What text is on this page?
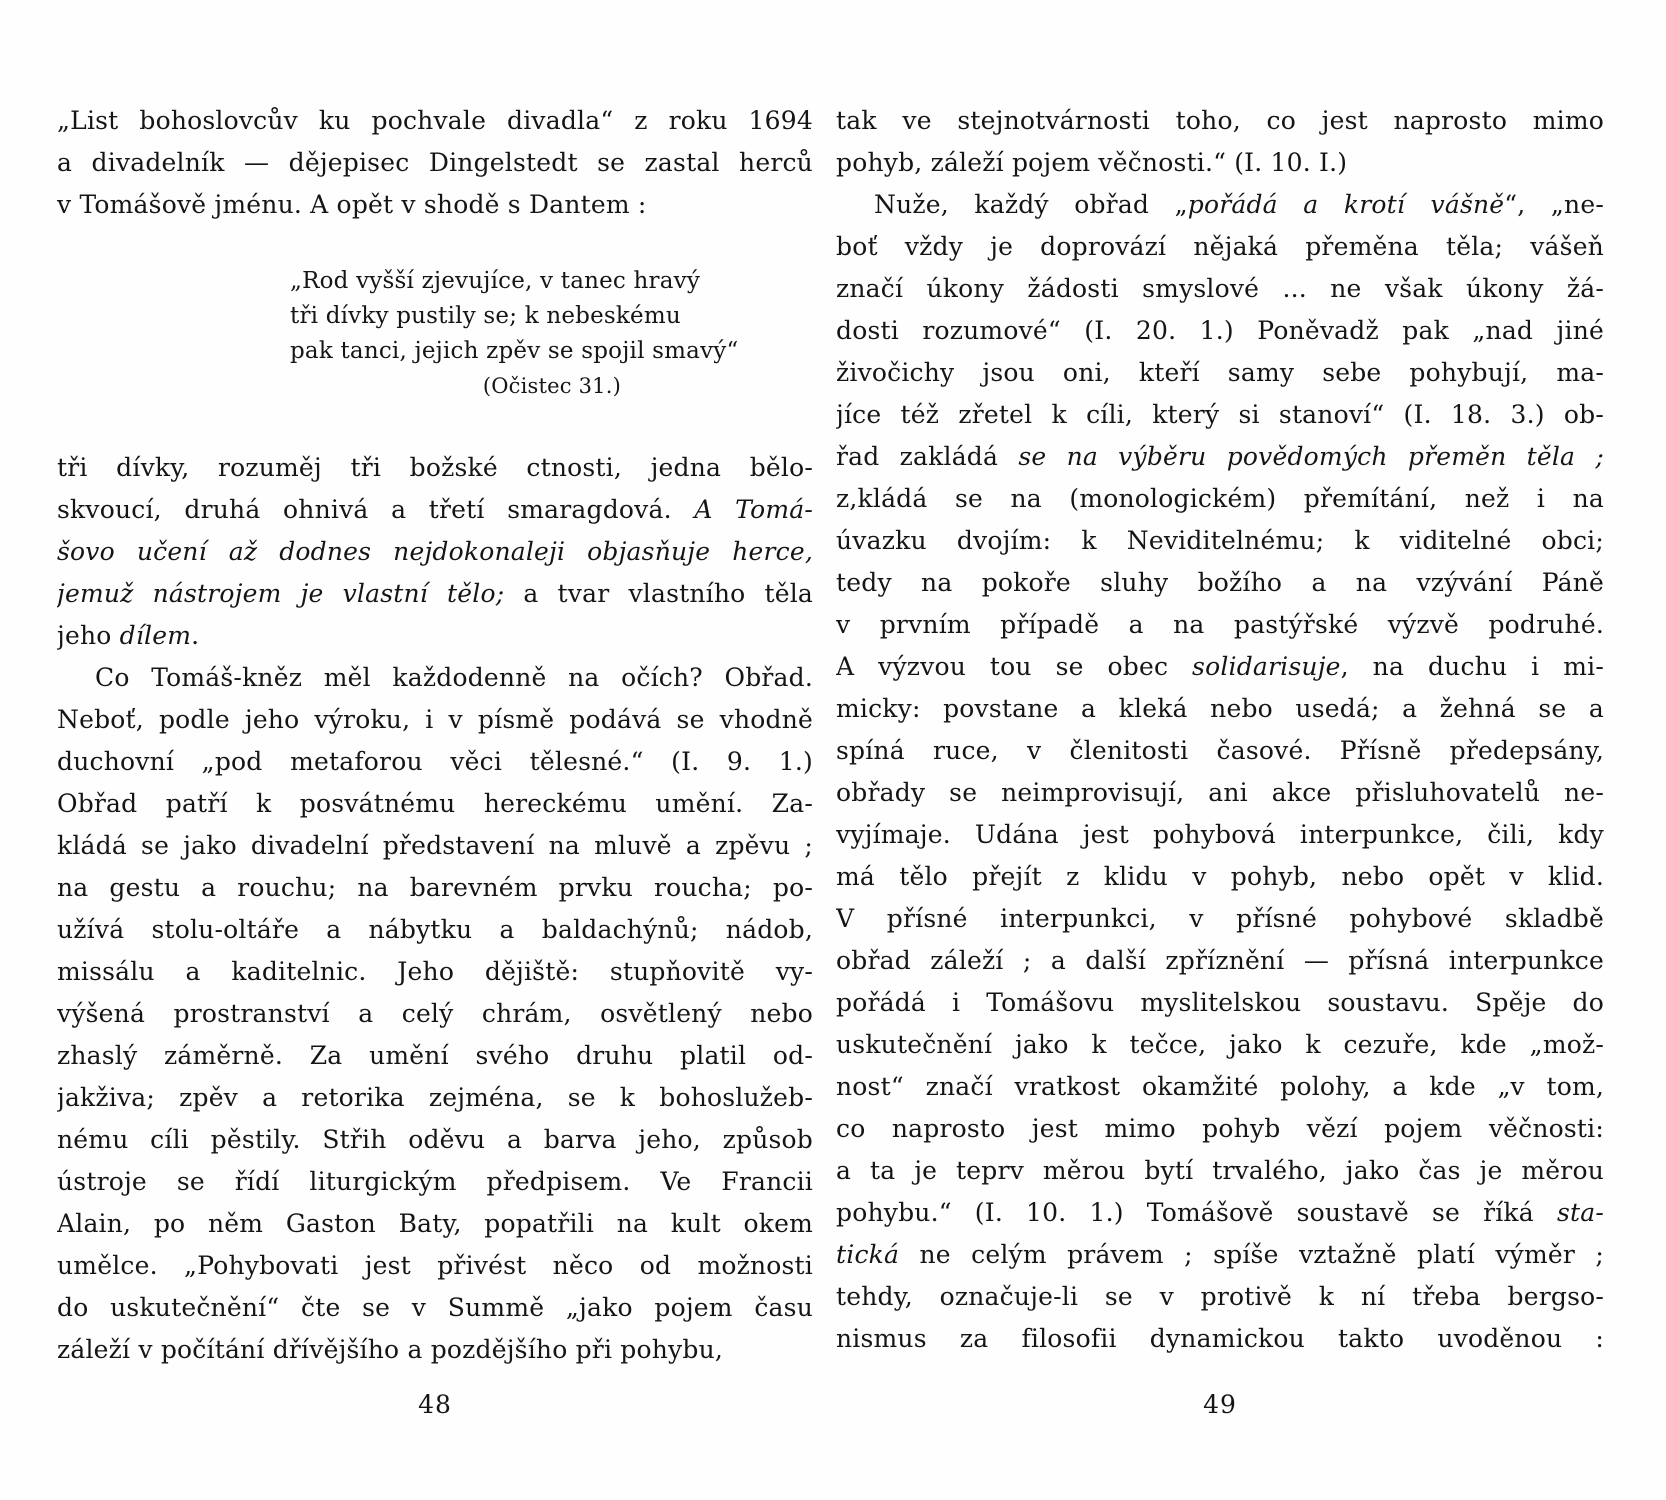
„List bohoslovcův ku pochvale divadla“ z roku 1694
a divadelník — dějepisec Dingelstedt se zastal herců
v Tomášově jménu. A opět v shodě s Dantem :
„Rod vyšší zjevujíce, v tanec hravý
tři dívky pustily se; k nebeskému
pak tanci, jejich zpěv se spojil smavý“
(Očistec 31.)
tři dívky, rozuměj tři božské ctnosti, jedna bělo-
skvoucí, druhá ohnivá a třetí smaragdová. A Tomá-
šovo učení až dodnes nejdokonaleji objasňuje herce,
jemuž nástrojem je vlastní tělo; a tvar vlastního těla
jeho dílem.
Co Tomáš-kněz měl každodenně na očích? Obřad.
Neboť, podle jeho výroku, i v písmě podává se vhodně
duchovní „pod metaforou věci tělesné.“ (I. 9. 1.)
Obřad patří k posvátnému hereckému umění. Za-
kládá se jako divadelní představení na mluvě a zpěvu ;
na gestu a rouchu; na barevném prvku roucha; po-
užívá stolu-oltáře a nábytku a baldachýnů; nádob,
missálu a kaditelnic. Jeho dějiště: stupňovitě vy-
výšená prostranství a celý chrám, osvětlený nebo
zhaslý záměrně. Za umění svého druhu platil od-
jakživa; zpěv a retorika zejména, se k bohoslužeb-
nému cíli pěstily. Střih oděvu a barva jeho, způsob
ústroje se řídí liturgickým předpisem. Ve Francii
Alain, po něm Gaston Baty, popatřili na kult okem
umělce. „Pohybovati jest přivést něco od možnosti
do uskutečnění“ čte se v Summě „jako pojem času
záleží v počítání dřívějšího a pozdějšího při pohybu,
48
tak ve stejnotvárnosti toho, co jest naprosto mimo
pohyb, záleží pojem věčnosti.“ (I. 10. I.)
Nuže, každý obřad „pořádá a krotí vášně“, „ne-
boť vždy je doprovází nějaká přeměna těla; vášeň
značí úkony žádosti smyslové ... ne však úkony žá-
dosti rozumové“ (I. 20. 1.) Poněvadž pak „nad jiné
živočichy jsou oni, kteří samy sebe pohybují, ma-
jíce též zřetel k cíli, který si stanoví“ (I. 18. 3.) ob-
řad zakládá se na výběru povědomých přeměn těla ;
z,kládá se na (monologickém) přemítání, než i na
úvazku dvojím: k Neviditelnému; k viditelné obci;
tedy na pokoře sluhy božího a na vzývání Páně
v prvním případě a na pastýřské výzvě podruhé.
A výzvou tou se obec solidarisuje, na duchu i mi-
micky: povstane a kleká nebo usedá; a žehná se a
spíná ruce, v členitosti časové. Přísně předepsány,
obřady se neimprovisují, ani akce přisluhovatelů ne-
vyjímaje. Udána jest pohybová interpunkce, čili, kdy
má tělo přejít z klidu v pohyb, nebo opět v klid.
V přísné interpunkci, v přísné pohybové skladbě
obřad záleží ; a další zpříznění — přísná interpunkce
pořádá i Tomášovu myslitelskou soustavu. Spěje do
uskutečnění jako k tečce, jako k cezuře, kde „mož-
nost“ značí vratkost okamžité polohy, a kde „v tom,
co naprosto jest mimo pohyb vězí pojem věčnosti:
a ta je teprv měrou bytí trvalého, jako čas je měrou
pohybu.“ (I. 10. 1.) Tomášově soustavě se říká sta-
tická ne celým právem ; spíše vztažně platí výměr ;
tehdy, označuje-li se v protivě k ní třeba bergso-
nismus za filosofii dynamickou takto uvoděnou :
49
